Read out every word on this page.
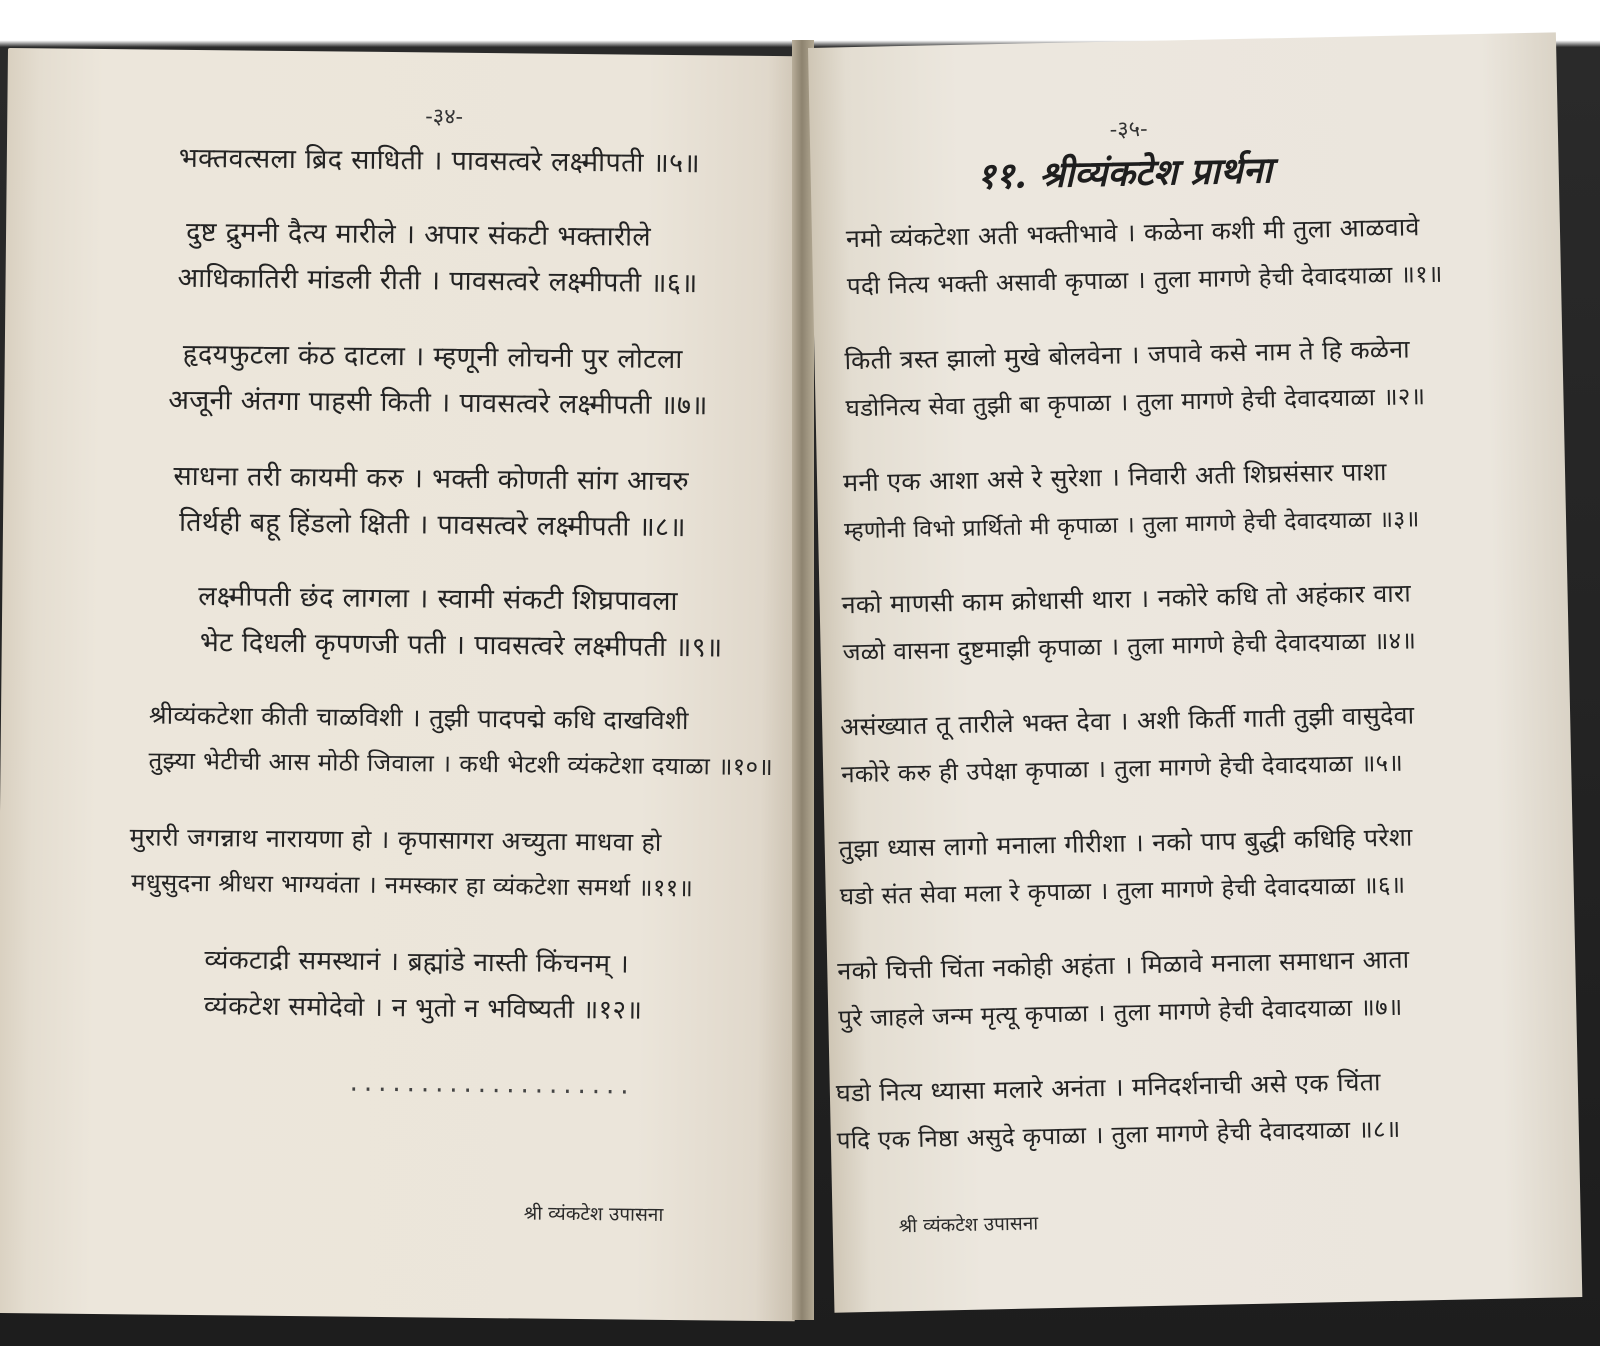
-३४-
भक्तवत्सला ब्रिद साधिती । पावसत्वरे लक्ष्मीपती ॥५॥
दुष्ट द्रुमनी दैत्य मारीले । अपार संकटी भक्तारीले
आधिकातिरी मांडली रीती । पावसत्वरे लक्ष्मीपती ॥६॥
हृदयफुटला कंठ दाटला । म्हणूनी लोचनी पुर लोटला
अजूनी अंतगा पाहसी किती । पावसत्वरे लक्ष्मीपती ॥७॥
साधना तरी कायमी करु । भक्ती कोणती सांग आचरु
तिर्थही बहू हिंडलो क्षिती । पावसत्वरे लक्ष्मीपती ॥८॥
लक्ष्मीपती छंद लागला । स्वामी संकटी शिघ्रपावला
भेट दिधली कृपणजी पती । पावसत्वरे लक्ष्मीपती ॥९॥
श्रीव्यंकटेशा कीती चाळविशी । तुझी पादपद्मे कधि दाखविशी
तुझ्या भेटीची आस मोठी जिवाला । कधी भेटशी व्यंकटेशा दयाळा ॥१०॥
मुरारी जगन्नाथ नारायणा हो । कृपासागरा अच्युता माधवा हो
मधुसुदना श्रीधरा भाग्यवंता । नमस्कार हा व्यंकटेशा समर्था ॥११॥
व्यंकटाद्री समस्थानं । ब्रह्मांडे नास्ती किंचनम् ।
व्यंकटेश समोदेवो । न भुतो न भविष्यती ॥१२॥
....................
श्री व्यंकटेश उपासना
-३५-
११. श्रीव्यंकटेश प्रार्थना
नमो व्यंकटेशा अती भक्तीभावे । कळेना कशी मी तुला आळवावे
पदी नित्य भक्ती असावी कृपाळा । तुला मागणे हेची देवादयाळा ॥१॥
किती त्रस्त झालो मुखे बोलवेना । जपावे कसे नाम ते हि कळेना
घडोनित्य सेवा तुझी बा कृपाळा । तुला मागणे हेची देवादयाळा ॥२॥
मनी एक आशा असे रे सुरेशा । निवारी अती शिघ्रसंसार पाशा
म्हणोनी विभो प्रार्थितो मी कृपाळा । तुला मागणे हेची देवादयाळा ॥३॥
नको माणसी काम क्रोधासी थारा । नकोरे कधि तो अहंकार वारा
जळो वासना दुष्टमाझी कृपाळा । तुला मागणे हेची देवादयाळा ॥४॥
असंख्यात तू तारीले भक्त देवा । अशी किर्ती गाती तुझी वासुदेवा
नकोरे करु ही उपेक्षा कृपाळा । तुला मागणे हेची देवादयाळा ॥५॥
तुझा ध्यास लागो मनाला गीरीशा । नको पाप बुद्धी कधिहि परेशा
घडो संत सेवा मला रे कृपाळा । तुला मागणे हेची देवादयाळा ॥६॥
नको चित्ती चिंता नकोही अहंता । मिळावे मनाला समाधान आता
पुरे जाहले जन्म मृत्यू कृपाळा । तुला मागणे हेची देवादयाळा ॥७॥
घडो नित्य ध्यासा मलारे अनंता । मनिदर्शनाची असे एक चिंता
पदि एक निष्ठा असुदे कृपाळा । तुला मागणे हेची देवादयाळा ॥८॥
श्री व्यंकटेश उपासना
